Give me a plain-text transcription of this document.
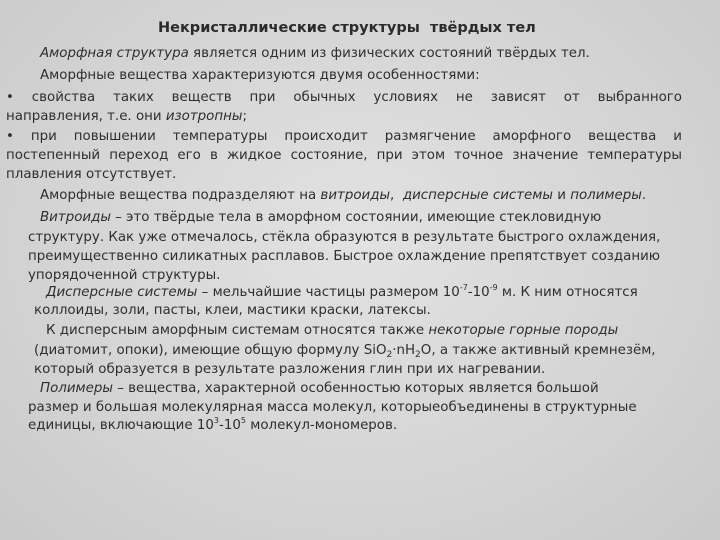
Некристаллические структуры  твёрдых тел
Аморфная структура является одним из физических состояний твёрдых тел.
Аморфные вещества характеризуются двумя особенностями:
• свойства таких веществ при обычных условиях не зависят от выбранного
направления, т.е. они изотропны;
• при повышении температуры происходит размягчение аморфного вещества и
постепенный переход его в жидкое состояние, при этом точное значение температуры
плавления отсутствует.
Аморфные вещества подразделяют на витроиды,  дисперсные системы и полимеры.
Витроиды – это твёрдые тела в аморфном состоянии, имеющие стекловидную
структуру. Как уже отмечалось, стёкла образуются в результате быстрого охлаждения,
преимущественно силикатных расплавов. Быстрое охлаждение препятствует созданию
упорядоченной структуры.
Дисперсные системы – мельчайшие частицы размером $10^{-7}-10^{-9}$ м. К ним относятся
коллоиды, золи, пасты, клеи, мастики краски, латексы.
К дисперсным аморфным системам относятся также некоторые горные породы
(диатомит, опоки), имеющие общую формулу $SiO_2\cdot nH_2O$, а также активный кремнезём,
который образуется в результате разложения глин при их нагревании.
Полимеры – вещества, характерной особенностью которых является большой
размер и большая молекулярная масса молекул, которыеобъединены в структурные
единицы, включающие $10^3-10^5$ молекул-мономеров.
